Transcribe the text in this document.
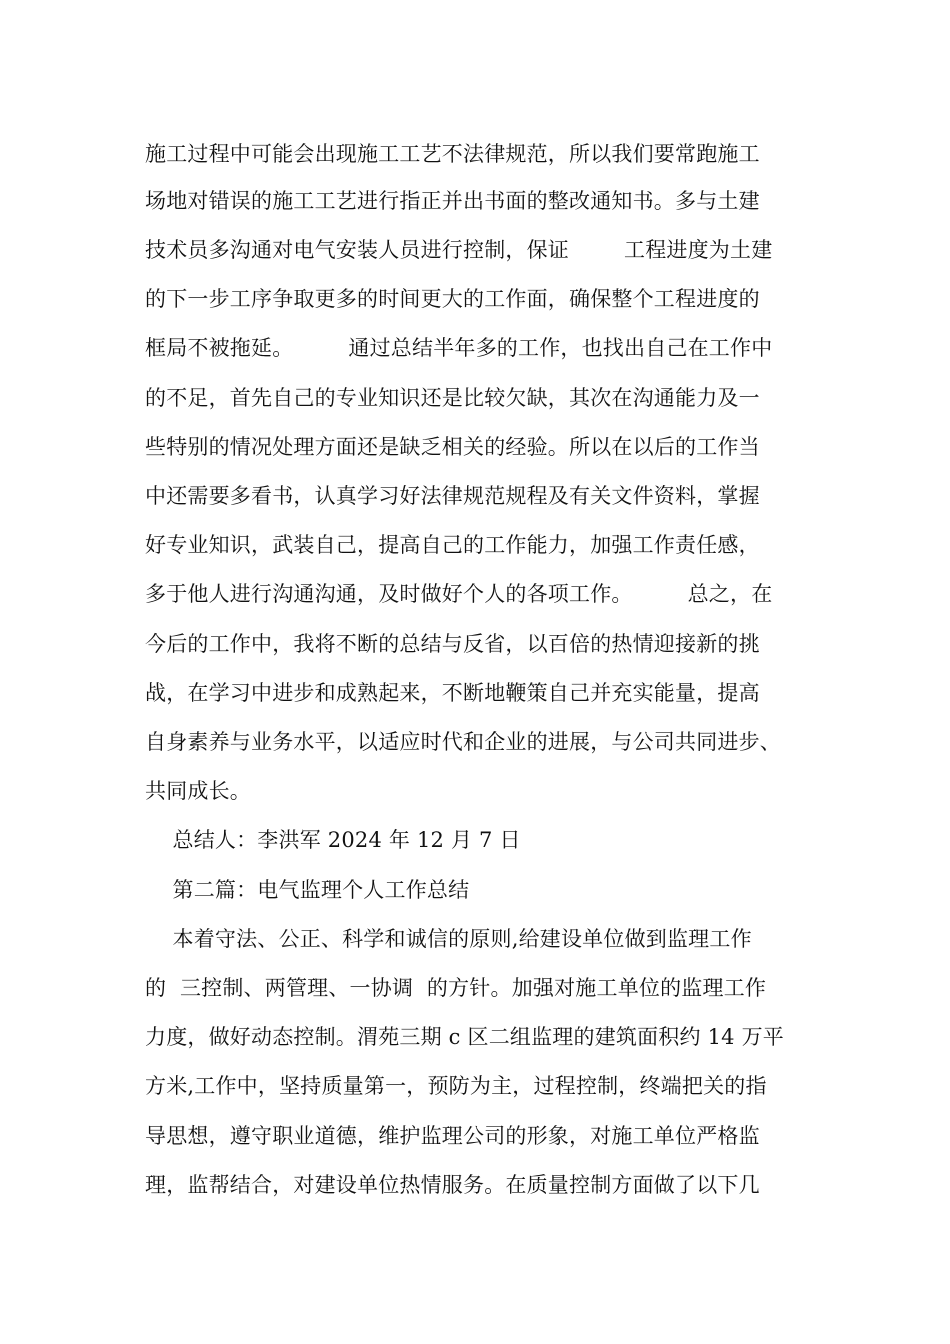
施工过程中可能会出现施工工艺不法律规范，所以我们要常跑施工
场地对错误的施工工艺进行指正并出书面的整改通知书。多与土建
技术员多沟通对电气安装人员进行控制，保证        工程进度为土建
的下一步工序争取更多的时间更大的工作面，确保整个工程进度的
框局不被拖延。        通过总结半年多的工作，也找出自己在工作中
的不足，首先自己的专业知识还是比较欠缺，其次在沟通能力及一
些特别的情况处理方面还是缺乏相关的经验。所以在以后的工作当
中还需要多看书，认真学习好法律规范规程及有关文件资料，掌握
好专业知识，武装自己，提高自己的工作能力，加强工作责任感，
多于他人进行沟通沟通，及时做好个人的各项工作。        总之，在
今后的工作中，我将不断的总结与反省，以百倍的热情迎接新的挑
战，在学习中进步和成熟起来，不断地鞭策自己并充实能量，提高
自身素养与业务水平，以适应时代和企业的进展，与公司共同进步、
共同成长。
总结人：李洪军 2024 年 12 月 7 日
第二篇：电气监理个人工作总结
本着守法、公正、科学和诚信的原则,给建设单位做到监理工作
的  三控制、两管理、一协调  的方针。加强对施工单位的监理工作
力度，做好动态控制。渭苑三期 c 区二组监理的建筑面积约 14 万平
方米,工作中，坚持质量第一，预防为主，过程控制，终端把关的指
导思想，遵守职业道德，维护监理公司的形象，对施工单位严格监
理，监帮结合，对建设单位热情服务。在质量控制方面做了以下几
